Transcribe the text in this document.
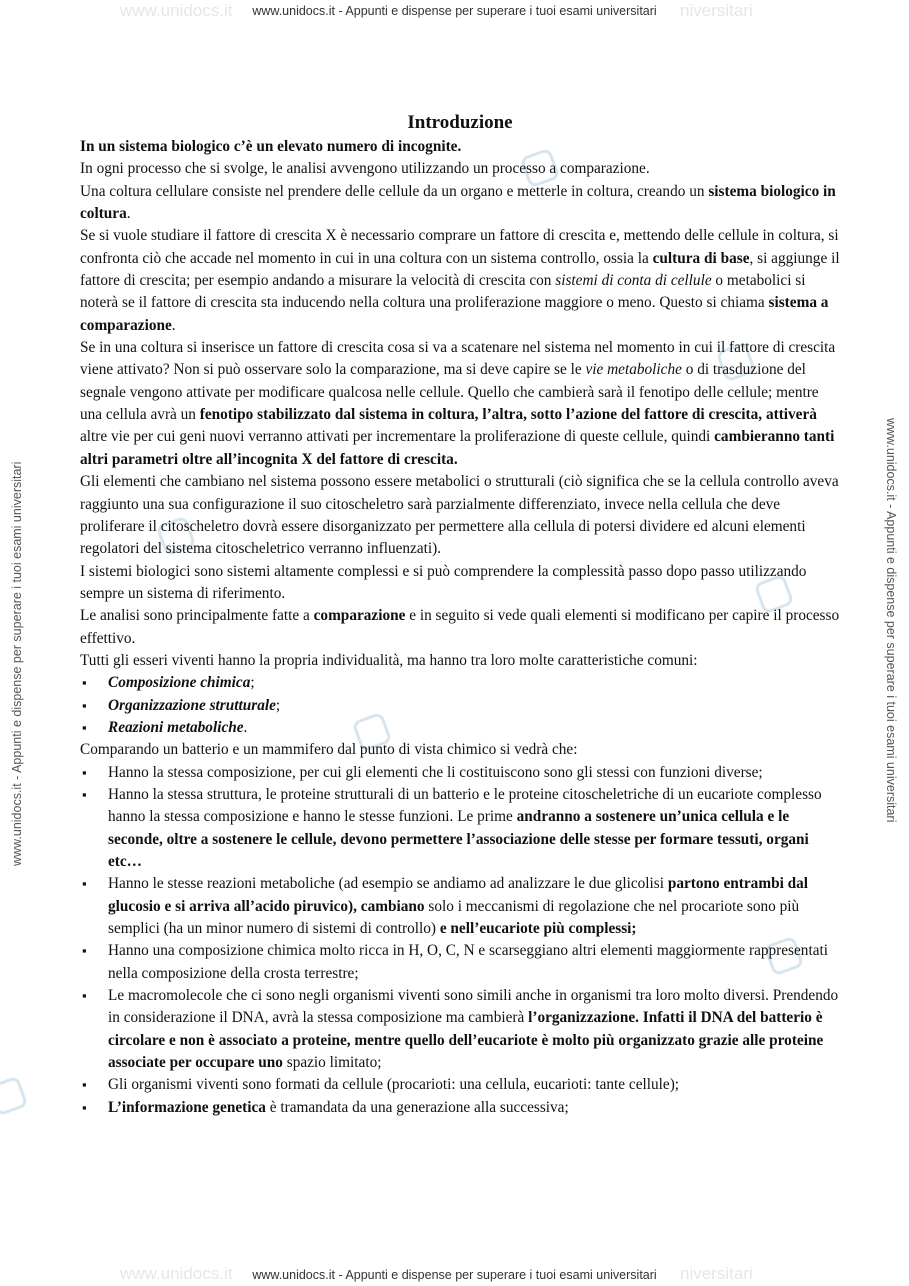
www.unidocs.it	niversitari
www.unidocs.it	niversitari
www.unidocs.it - Appunti e dispense per superare i tuoi esami universitari
www.unidocs.it - Appunti e dispense per superare i tuoi esami universitari
www.unidocs.it - Appunti e dispense per superare i tuoi esami universitari	www.unidocs.it - Appunti e dispense per superare i tuoi esami universitari
Introduzione

In un sistema biologico c’è un elevato numero di incognite.

In ogni processo che si svolge, le analisi avvengono utilizzando un processo a comparazione.

Una coltura cellulare consiste nel prendere delle cellule da un organo e metterle in coltura, creando un sistema biologico in coltura.

Se si vuole studiare il fattore di crescita X è necessario comprare un fattore di crescita e, mettendo delle cellule in coltura, si confronta ciò che accade nel momento in cui in una coltura con un sistema controllo, ossia la cultura di base, si aggiunge il fattore di crescita; per esempio andando a misurare la velocità di crescita con sistemi di conta di cellule o metabolici si noterà se il fattore di crescita sta inducendo nella coltura una proliferazione maggiore o meno. Questo si chiama sistema a comparazione.

Se in una coltura si inserisce un fattore di crescita cosa si va a scatenare nel sistema nel momento in cui il fattore di crescita viene attivato? Non si può osservare solo la comparazione, ma si deve capire se le vie metaboliche o di trasduzione del segnale vengono attivate per modificare qualcosa nelle cellule. Quello che cambierà sarà il fenotipo delle cellule; mentre una cellula avrà un fenotipo stabilizzato dal sistema in coltura, l’altra, sotto l’azione del fattore di crescita, attiverà altre vie per cui geni nuovi verranno attivati per incrementare la proliferazione di queste cellule, quindi cambieranno tanti altri parametri oltre all’incognita X del fattore di crescita.

Gli elementi che cambiano nel sistema possono essere metabolici o strutturali (ciò significa che se la cellula controllo aveva raggiunto una sua configurazione il suo citoscheletro sarà parzialmente differenziato, invece nella cellula che deve proliferare il citoscheletro dovrà essere disorganizzato per permettere alla cellula di potersi dividere ed alcuni elementi regolatori del sistema citoscheletrico verranno influenzati).

I sistemi biologici sono sistemi altamente complessi e si può comprendere la complessità passo dopo passo utilizzando sempre un sistema di riferimento.

Le analisi sono principalmente fatte a comparazione e in seguito si vede quali elementi si modificano per capire il processo effettivo.

Tutti gli esseri viventi hanno la propria individualità, ma hanno tra loro molte caratteristiche comuni:

▪ Composizione chimica;
▪ Organizzazione strutturale;
▪ Reazioni metaboliche.

Comparando un batterio e un mammifero dal punto di vista chimico si vedrà che:

▪ Hanno la stessa composizione, per cui gli elementi che li costituiscono sono gli stessi con funzioni diverse;
▪ Hanno la stessa struttura, le proteine strutturali di un batterio e le proteine citoscheletriche di un eucariote complesso hanno la stessa composizione e hanno le stesse funzioni. Le prime andranno a sostenere un’unica cellula e le seconde, oltre a sostenere le cellule, devono permettere l’associazione delle stesse per formare tessuti, organi etc…
▪ Hanno le stesse reazioni metaboliche (ad esempio se andiamo ad analizzare le due glicolisi partono entrambi dal glucosio e si arriva all’acido piruvico), cambiano solo i meccanismi di regolazione che nel procariote sono più semplici (ha un minor numero di sistemi di controllo) e nell’eucariote più complessi;
▪ Hanno una composizione chimica molto ricca in H, O, C, N e scarseggiano altri elementi maggiormente rappresentati nella composizione della crosta terrestre;
▪ Le macromolecole che ci sono negli organismi viventi sono simili anche in organismi tra loro molto diversi. Prendendo in considerazione il DNA, avrà la stessa composizione ma cambierà l’organizzazione. Infatti il DNA del batterio è circolare e non è associato a proteine, mentre quello dell’eucariote è molto più organizzato grazie alle proteine associate per occupare uno spazio limitato;
▪ Gli organismi viventi sono formati da cellule (procarioti: una cellula, eucarioti: tante cellule);
▪ L’informazione genetica è tramandata da una generazione alla successiva;
